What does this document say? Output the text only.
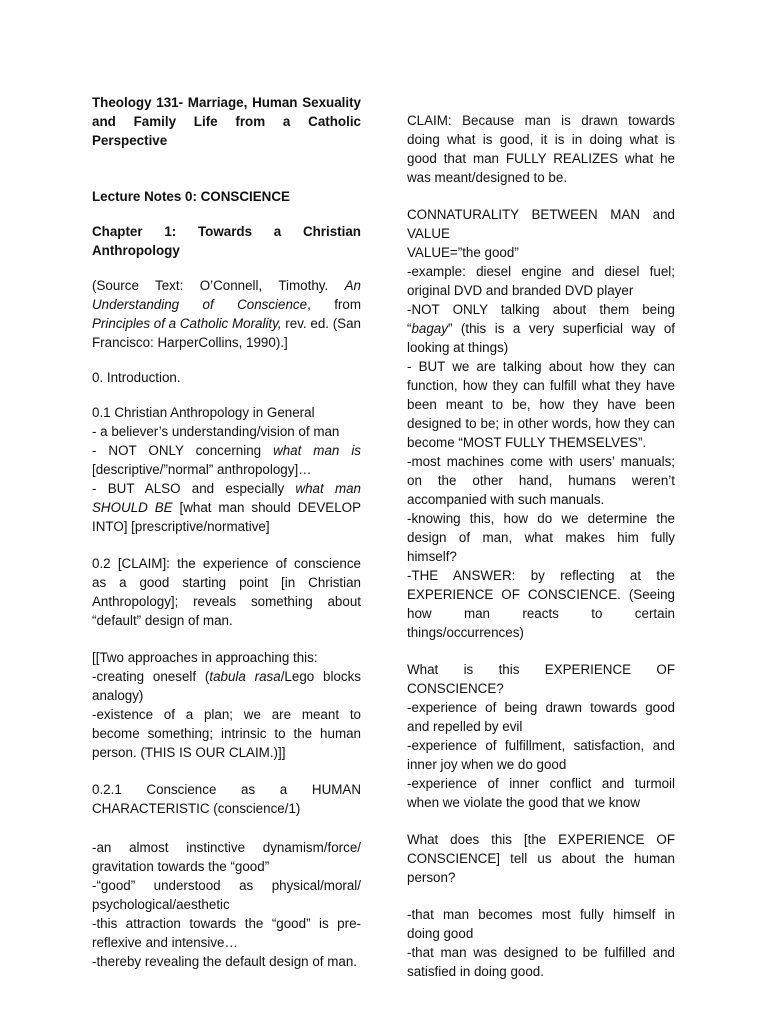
Theology 131- Marriage, Human Sexuality and Family Life from a Catholic Perspective

Lecture Notes 0: CONSCIENCE

Chapter 1: Towards a Christian Anthropology

(Source Text: O’Connell, Timothy. An Understanding of Conscience, from Principles of a Catholic Morality, rev. ed. (San Francisco: HarperCollins, 1990).]

0. Introduction.

0.1 Christian Anthropology in General
- a believer’s understanding/vision of man
- NOT ONLY concerning what man is [descriptive/”normal” anthropology]…
- BUT ALSO and especially what man SHOULD BE [what man should DEVELOP INTO] [prescriptive/normative]

0.2 [CLAIM]: the experience of conscience as a good starting point [in Christian Anthropology]; reveals something about “default” design of man.

[[Two approaches in approaching this:
-creating oneself (tabula rasa/Lego blocks analogy)
-existence of a plan; we are meant to become something; intrinsic to the human person. (THIS IS OUR CLAIM.)]]

0.2.1 Conscience as a HUMAN CHARACTERISTIC (conscience/1)

-an almost instinctive dynamism/force/ gravitation towards the “good”
-“good” understood as physical/moral/ psychological/aesthetic
-this attraction towards the “good” is pre-reflexive and intensive…
-thereby revealing the default design of man.

CLAIM: Because man is drawn towards doing what is good, it is in doing what is good that man FULLY REALIZES what he was meant/designed to be.

CONNATURALITY BETWEEN MAN and VALUE
VALUE=”the good”
-example: diesel engine and diesel fuel; original DVD and branded DVD player
-NOT ONLY talking about them being “bagay” (this is a very superficial way of looking at things)
- BUT we are talking about how they can function, how they can fulfill what they have been meant to be, how they have been designed to be; in other words, how they can become “MOST FULLY THEMSELVES”.
-most machines come with users’ manuals; on the other hand, humans weren’t accompanied with such manuals.
-knowing this, how do we determine the design of man, what makes him fully himself?
-THE ANSWER: by reflecting at the EXPERIENCE OF CONSCIENCE. (Seeing how man reacts to certain things/occurrences)
What is this EXPERIENCE OF CONSCIENCE?
-experience of being drawn towards good and repelled by evil
-experience of fulfillment, satisfaction, and inner joy when we do good
-experience of inner conflict and turmoil when we violate the good that we know

What does this [the EXPERIENCE OF CONSCIENCE] tell us about the human person?

-that man becomes most fully himself in doing good
-that man was designed to be fulfilled and satisfied in doing good.
